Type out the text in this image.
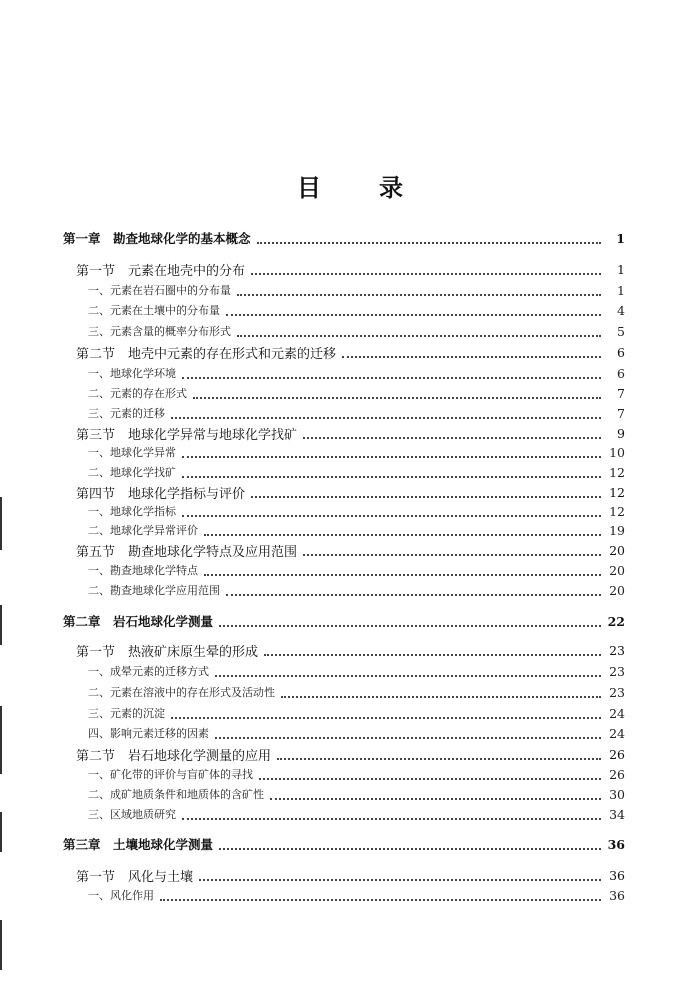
目 录
第一章　勘查地球化学的基本概念	1
第一节　元素在地壳中的分布	1
一、元素在岩石圈中的分布量	1
二、元素在土壤中的分布量	4
三、元素含量的概率分布形式	5
第二节　地壳中元素的存在形式和元素的迁移	6
一、地球化学环境	6
二、元素的存在形式	7
三、元素的迁移	7
第三节　地球化学异常与地球化学找矿	9
一、地球化学异常	10
二、地球化学找矿	12
第四节　地球化学指标与评价	12
一、地球化学指标	12
二、地球化学异常评价	19
第五节　勘查地球化学特点及应用范围	20
一、勘查地球化学特点	20
二、勘查地球化学应用范围	20
第二章　岩石地球化学测量	22
第一节　热液矿床原生晕的形成	23
一、成晕元素的迁移方式	23
二、元素在溶液中的存在形式及活动性	23
三、元素的沉淀	24
四、影响元素迁移的因素	24
第二节　岩石地球化学测量的应用	26
一、矿化带的评价与盲矿体的寻找	26
二、成矿地质条件和地质体的含矿性	30
三、区域地质研究	34
第三章　土壤地球化学测量	36
第一节　风化与土壤	36
一、风化作用	36
